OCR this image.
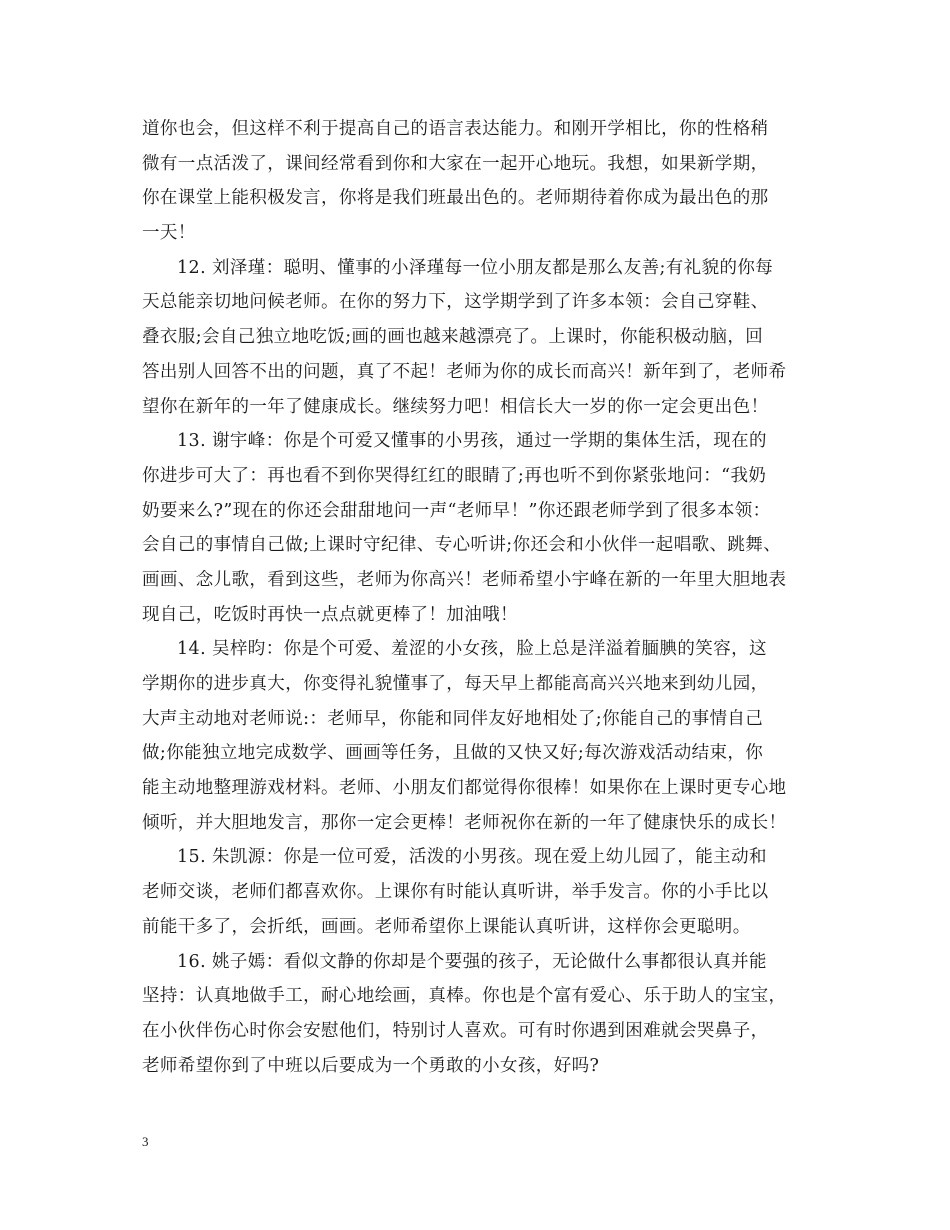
道你也会，但这样不利于提高自己的语言表达能力。和刚开学相比，你的性格稍
微有一点活泼了，课间经常看到你和大家在一起开心地玩。我想，如果新学期，
你在课堂上能积极发言，你将是我们班最出色的。老师期待着你成为最出色的那
一天！
12. 刘泽瑾：聪明、懂事的小泽瑾每一位小朋友都是那么友善;有礼貌的你每
天总能亲切地问候老师。在你的努力下，这学期学到了许多本领：会自己穿鞋、
叠衣服;会自己独立地吃饭;画的画也越来越漂亮了。上课时，你能积极动脑，回
答出别人回答不出的问题，真了不起！老师为你的成长而高兴！新年到了，老师希
望你在新年的一年了健康成长。继续努力吧！相信长大一岁的你一定会更出色！
13. 谢宇峰：你是个可爱又懂事的小男孩，通过一学期的集体生活，现在的
你进步可大了：再也看不到你哭得红红的眼睛了;再也听不到你紧张地问：“我奶
奶要来么?”现在的你还会甜甜地问一声“老师早！”你还跟老师学到了很多本领：
会自己的事情自己做;上课时守纪律、专心听讲;你还会和小伙伴一起唱歌、跳舞、
画画、念儿歌，看到这些，老师为你高兴！老师希望小宇峰在新的一年里大胆地表
现自己，吃饭时再快一点点就更棒了！加油哦！
14. 吴梓昀：你是个可爱、羞涩的小女孩，脸上总是洋溢着腼腆的笑容，这
学期你的进步真大，你变得礼貌懂事了，每天早上都能高高兴兴地来到幼儿园，
大声主动地对老师说:：老师早，你能和同伴友好地相处了;你能自己的事情自己
做;你能独立地完成数学、画画等任务，且做的又快又好;每次游戏活动结束，你
能主动地整理游戏材料。老师、小朋友们都觉得你很棒！如果你在上课时更专心地
倾听，并大胆地发言，那你一定会更棒！老师祝你在新的一年了健康快乐的成长！
15. 朱凯源：你是一位可爱，活泼的小男孩。现在爱上幼儿园了，能主动和
老师交谈，老师们都喜欢你。上课你有时能认真听讲，举手发言。你的小手比以
前能干多了，会折纸，画画。老师希望你上课能认真听讲，这样你会更聪明。
16. 姚子嫣：看似文静的你却是个要强的孩子，无论做什么事都很认真并能
坚持：认真地做手工，耐心地绘画，真棒。你也是个富有爱心、乐于助人的宝宝，
在小伙伴伤心时你会安慰他们，特别讨人喜欢。可有时你遇到困难就会哭鼻子，
老师希望你到了中班以后要成为一个勇敢的小女孩，好吗?
3
